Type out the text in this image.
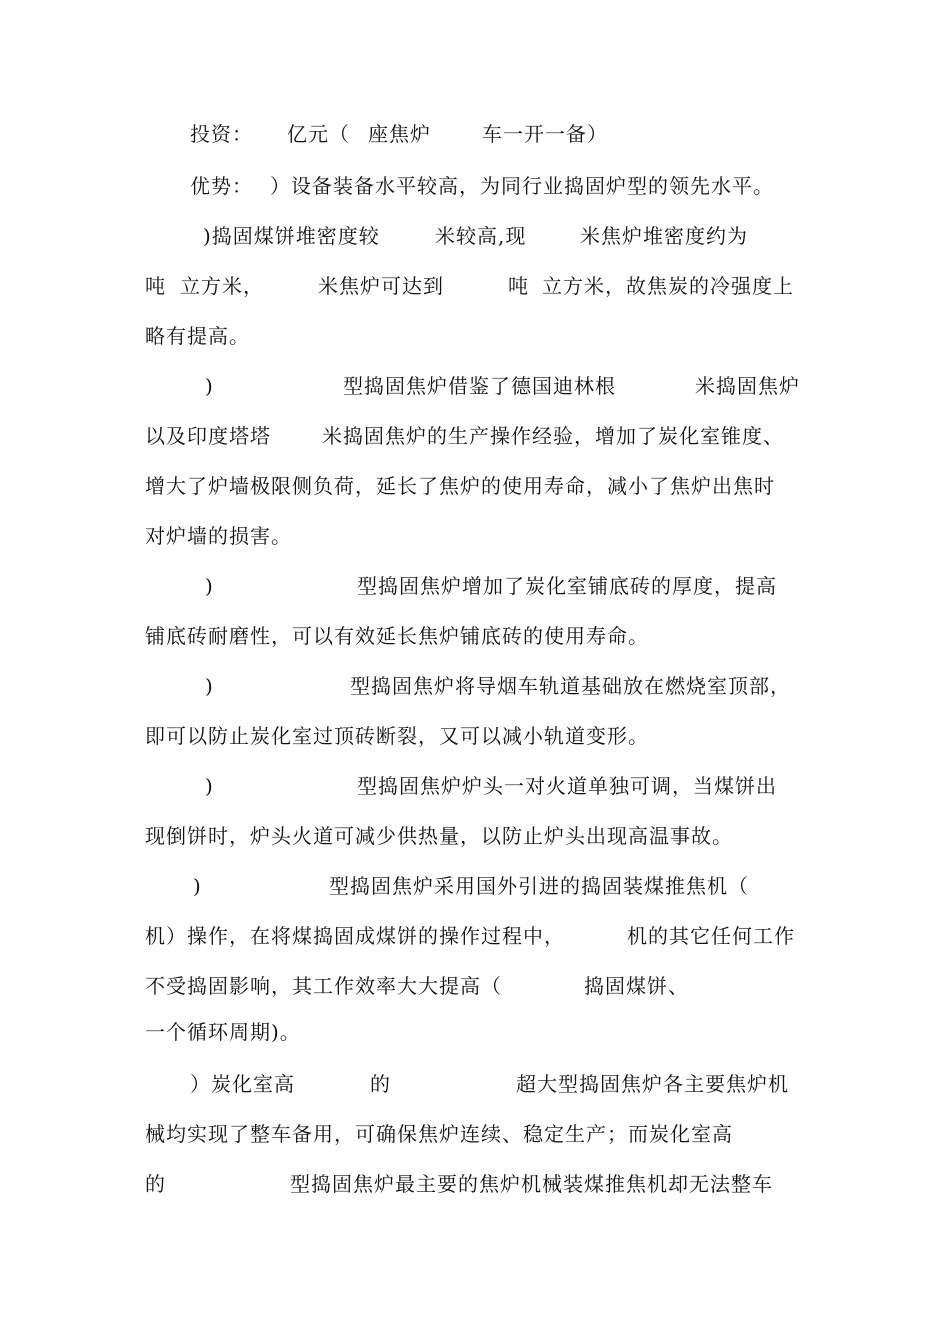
投资：

亿元（

座焦炉

	车一开一备）

优势：

）设备装备水平较高，为同行业捣固炉型的领先水平。

)捣固煤饼堆密度较

	米较高,现

	米焦炉堆密度约为

吨

立方米，

	米焦炉可达到

	吨

立方米，故焦炭的冷强度上

略有提高。

)

	型捣固焦炉借鉴了德国迪林根

	米捣固焦炉

以及印度塔塔

	米捣固焦炉的生产操作经验，增加了炭化室锥度、

增大了炉墙极限侧负荷，延长了焦炉的使用寿命，减小了焦炉出焦时

对炉墙的损害。

)

	型捣固焦炉增加了炭化室铺底砖的厚度，提高

铺底砖耐磨性，可以有效延长焦炉铺底砖的使用寿命。

)

	型捣固焦炉将导烟车轨道基础放在燃烧室顶部，

即可以防止炭化室过顶砖断裂，又可以减小轨道变形。

)

	型捣固焦炉炉头一对火道单独可调，当煤饼出

现倒饼时，炉头火道可减少供热量，以防止炉头出现高温事故。

)

	型捣固焦炉采用国外引进的捣固装煤推焦机（

机）操作，在将煤捣固成煤饼的操作过程中，

	机的其它任何工作

不受捣固影响，其工作效率大大提高（

	捣固煤饼、

一个循环周期)。

）炭化室高

	的

	超大型捣固焦炉各主要焦炉机

械均实现了整车备用，可确保焦炉连续、稳定生产；而炭化室高

的

	型捣固焦炉最主要的焦炉机械装煤推焦机却无法整车
